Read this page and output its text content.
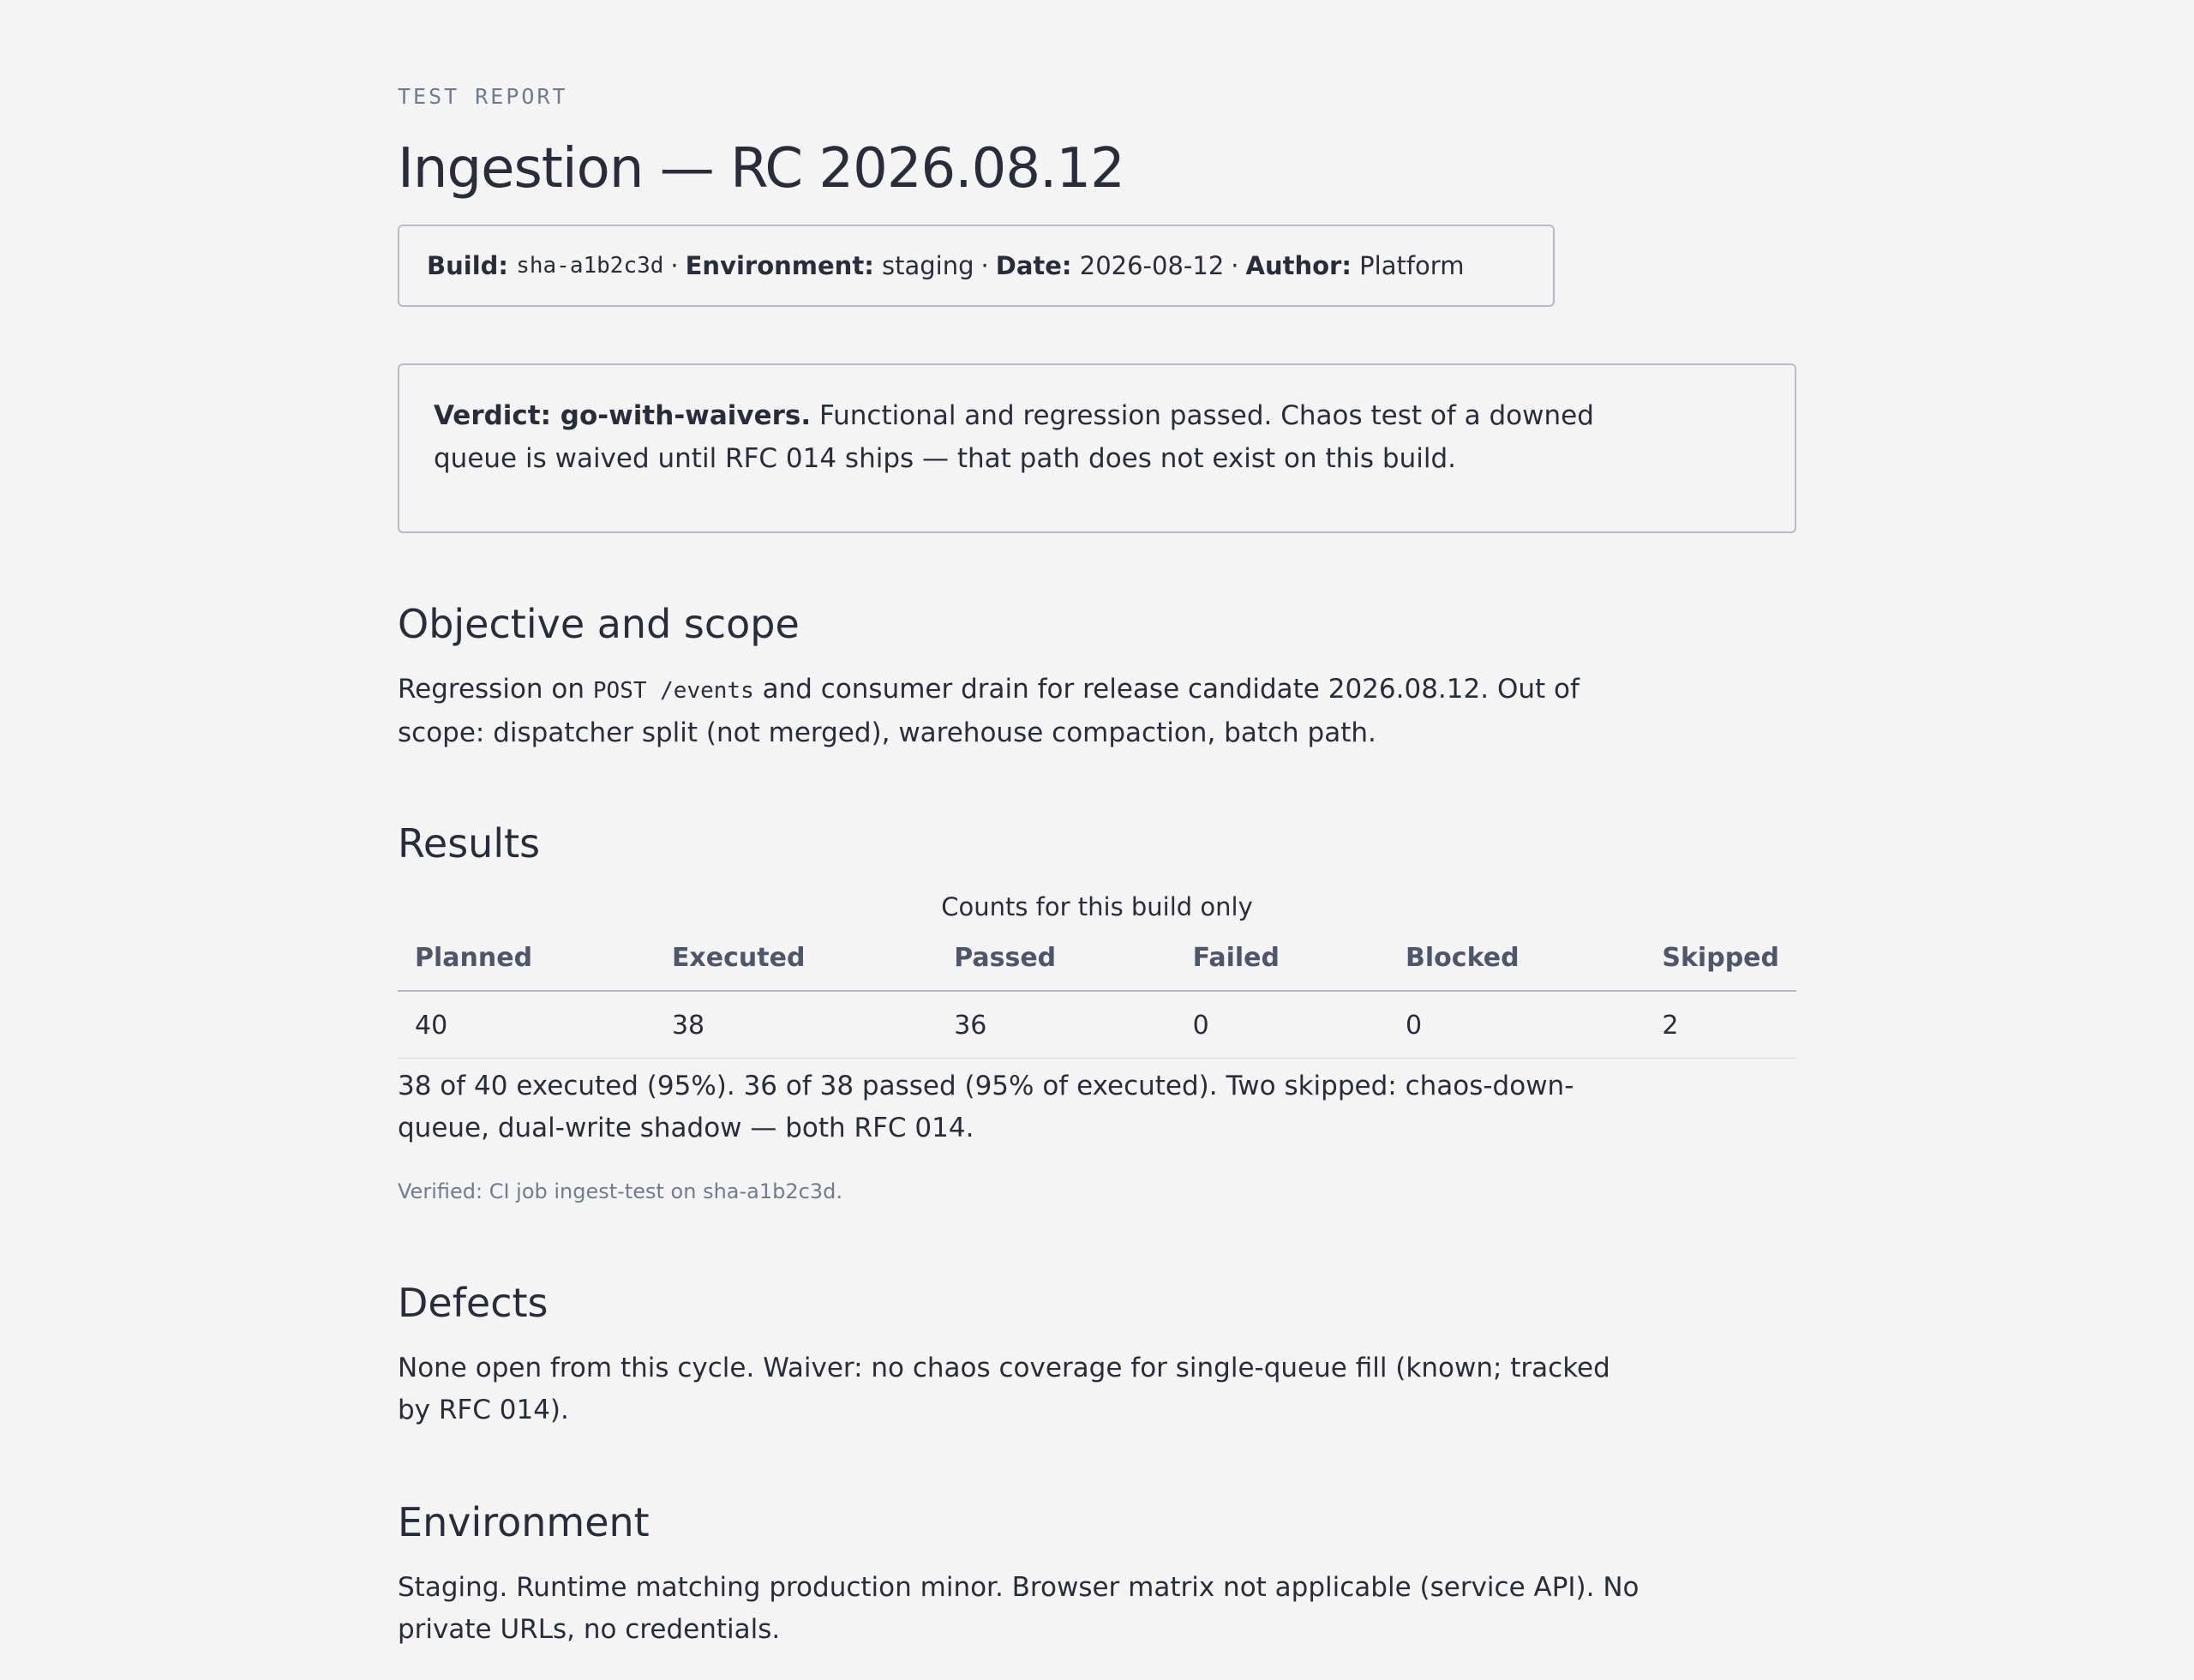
TEST REPORT
Ingestion — RC 2026.08.12
Build:
sha-a1b2c3d · Environment:
staging · Date:
2026-08-12 · Author:
Platform
Verdict: go-with-waivers. Functional and regression passed. Chaos test of a downed queue is waived until RFC 014 ships — that path does not exist on this build.
Objective and scope

Regression on POST /events and consumer drain for release candidate 2026.08.12. Out of scope: dispatcher split (not merged), warehouse compaction, batch path.

Results
Counts for this build only
Planned	Executed	Passed	Failed	Blocked	Skipped
40	38	36	0	0	2

38 of 40 executed (95%). 36 of 38 passed (95% of executed). Two skipped: chaos-down-queue, dual-write shadow — both RFC 014.

Verified: CI job ingest-test on sha-a1b2c3d.
Defects

None open from this cycle. Waiver: no chaos coverage for single-queue fill (known; tracked by RFC 014).

Environment

Staging. Runtime matching production minor. Browser matrix not applicable (service API). No private URLs, no credentials.
